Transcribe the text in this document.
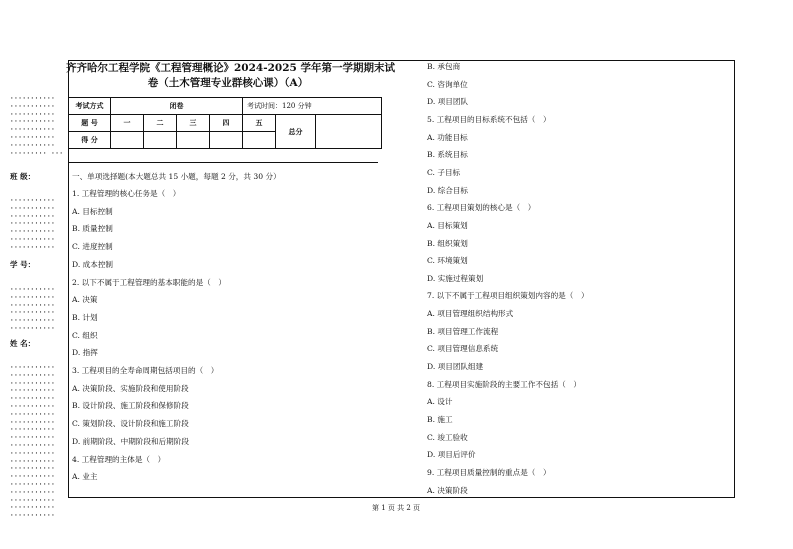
···········
···········
···········
···········
···········
···········
···········
········· ···
班 级：
···········
···········
···········
···········
···········
···········
···········
学 号：
···········
···········
···········
···········
···········
···········
姓 名：
···········
···········
···········
···········
···········
···········
···········
···········
···········
···········
···········
···········
···········
···········
···········
···········
···········
···········
···········
···········
齐齐哈尔工程学院《工程管理概论》2024-2025 学年第一学期期末试
卷（土木管理专业群核心课）（A）
考试方式	闭卷				考试时间：120 分钟		
题 号	一	二	三	四	五	总分	
得 分							
一、单项选择题(本大题总共 15 小题，每题 2 分，共 30 分）
1. 工程管理的核心任务是（　）
A. 目标控制
B. 质量控制
C. 进度控制
D. 成本控制
2. 以下不属于工程管理的基本职能的是（　）
A. 决策
B. 计划
C. 组织
D. 指挥
3. 工程项目的全寿命周期包括项目的（　）
A. 决策阶段、实施阶段和使用阶段
B. 设计阶段、施工阶段和保修阶段
C. 策划阶段、设计阶段和施工阶段
D. 前期阶段、中期阶段和后期阶段
4. 工程管理的主体是（　）
A. 业主
B. 承包商
C. 咨询单位
D. 项目团队
5. 工程项目的目标系统不包括（　）
A. 功能目标
B. 系统目标
C. 子目标
D. 综合目标
6. 工程项目策划的核心是（　）
A. 目标策划
B. 组织策划
C. 环境策划
D. 实施过程策划
7. 以下不属于工程项目组织策划内容的是（　）
A. 项目管理组织结构形式
B. 项目管理工作流程
C. 项目管理信息系统
D. 项目团队组建
8. 工程项目实施阶段的主要工作不包括（　）
A. 设计
B. 施工
C. 竣工验收
D. 项目后评价
9. 工程项目质量控制的重点是（　）
A. 决策阶段
第 1 页 共 2 页
